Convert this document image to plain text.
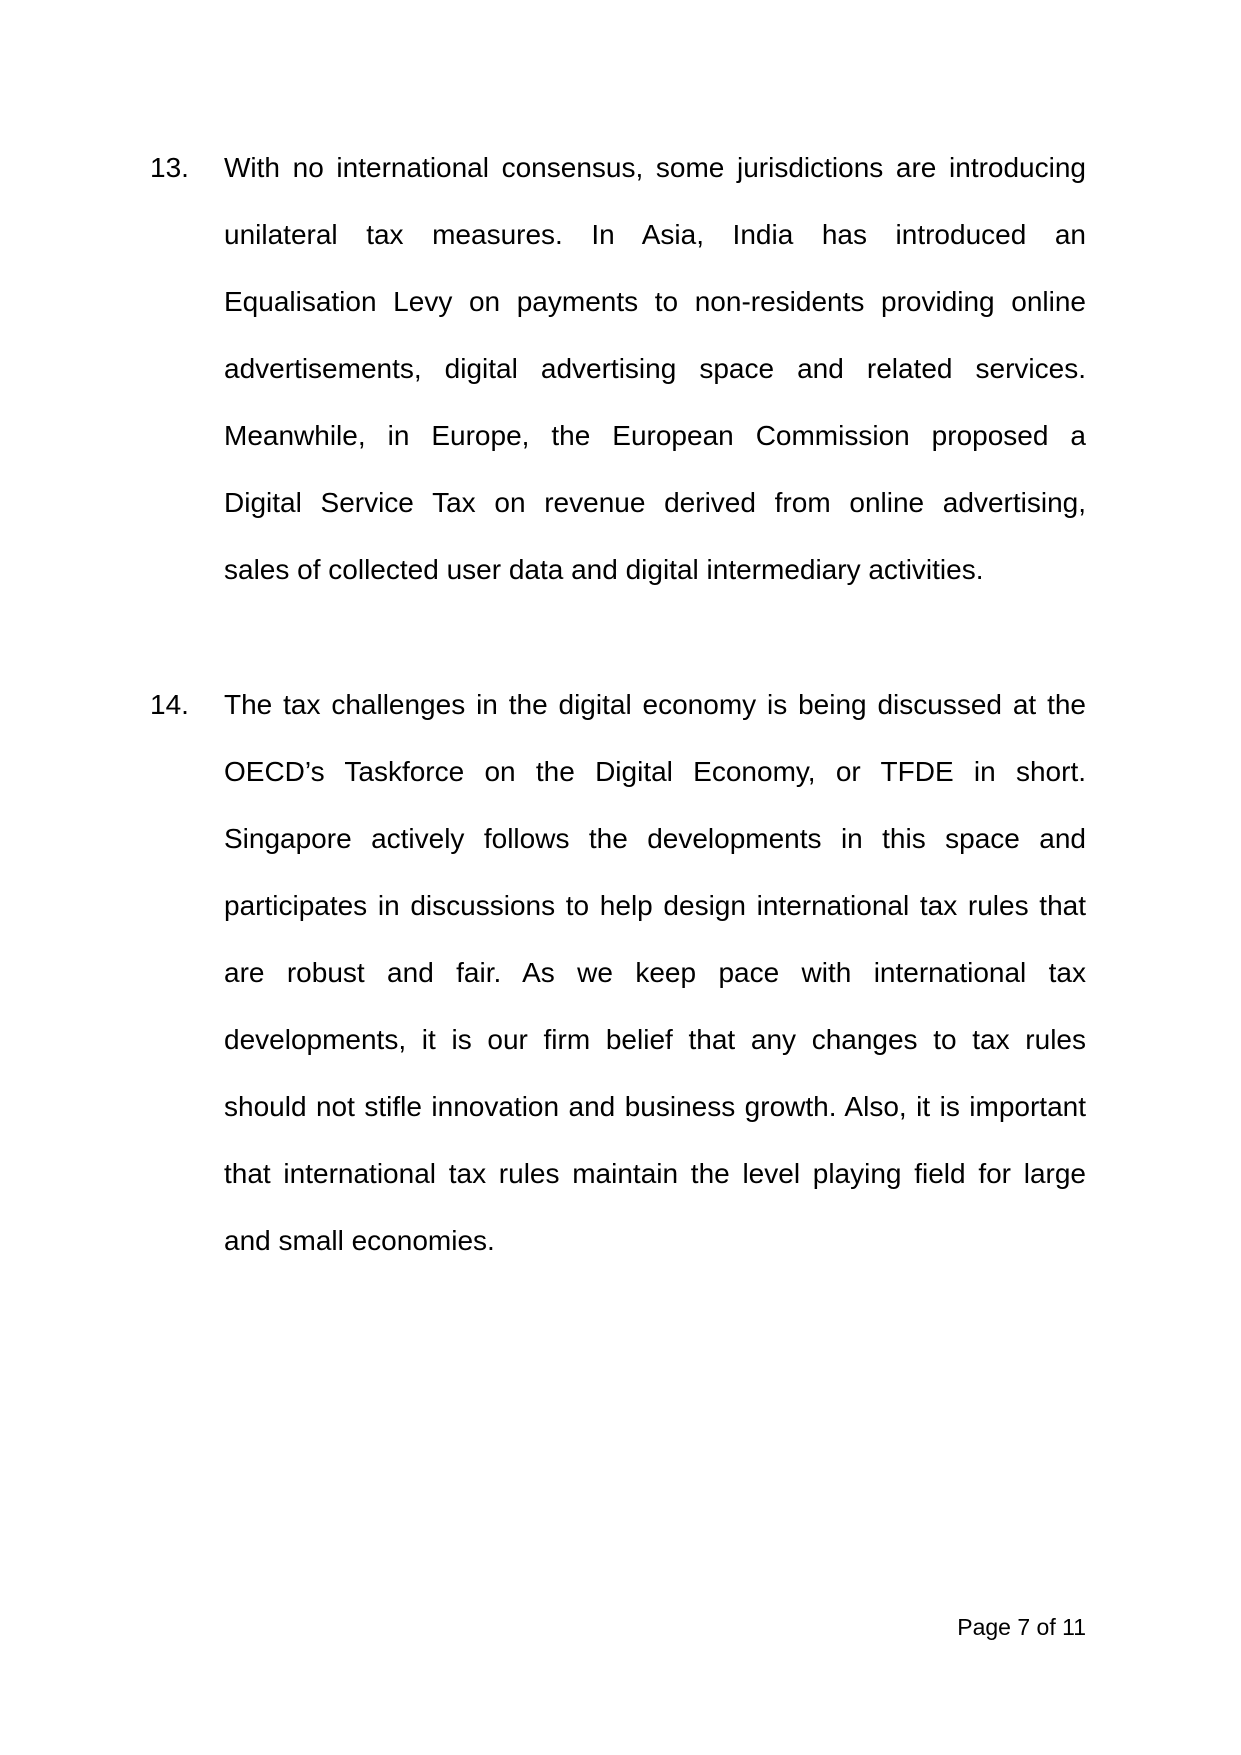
13. With no international consensus, some jurisdictions are introducing
unilateral tax measures. In Asia, India has introduced an
Equalisation Levy on payments to non-residents providing online
advertisements, digital advertising space and related services.
Meanwhile, in Europe, the European Commission proposed a
Digital Service Tax on revenue derived from online advertising,
sales of collected user data and digital intermediary activities.
14. The tax challenges in the digital economy is being discussed at the
OECD’s Taskforce on the Digital Economy, or TFDE in short.
Singapore actively follows the developments in this space and
participates in discussions to help design international tax rules that
are robust and fair. As we keep pace with international tax
developments, it is our firm belief that any changes to tax rules
should not stifle innovation and business growth. Also, it is important
that international tax rules maintain the level playing field for large
and small economies.
Page 7 of 11
